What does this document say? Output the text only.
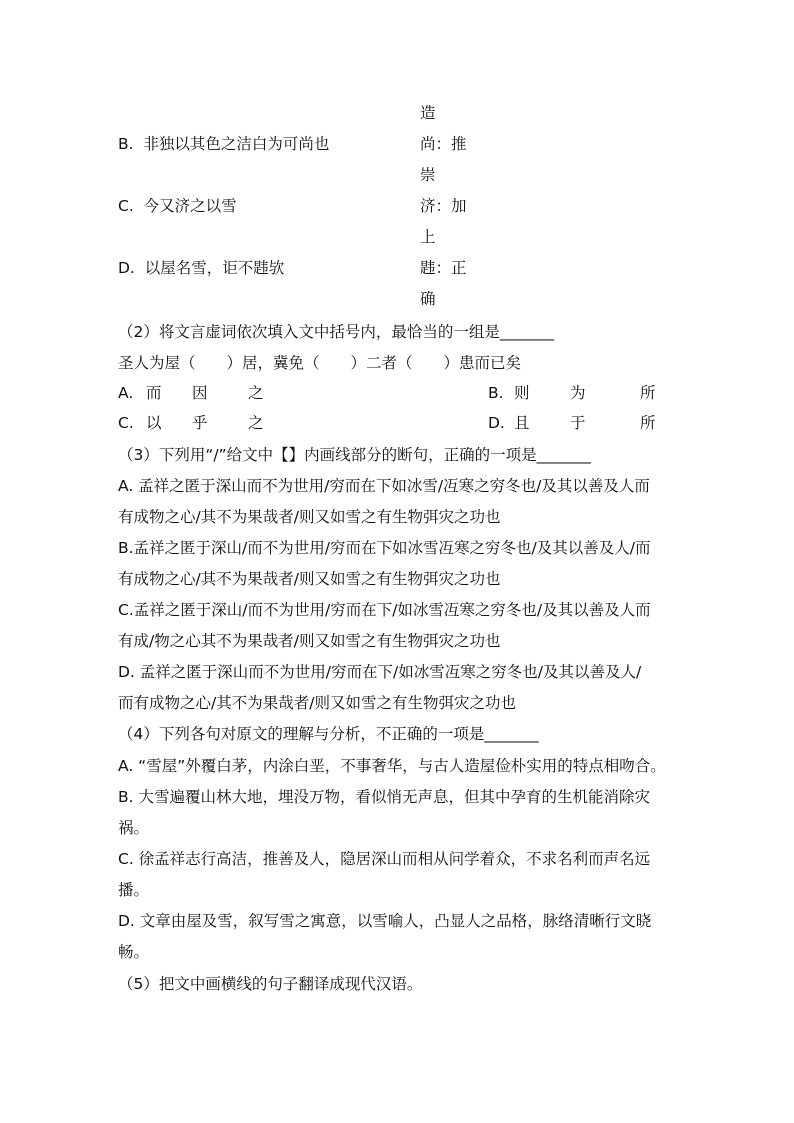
B. 非独以其色之洁白为可尚也
C. 今又济之以雪
D. 以屋名雪，讵不韪欤
造
尚：推
崇
济：加
上
韪：正
确
（2）将文言虚词依次填入文中括号内，最恰当的一组是_______
圣人为屋（　　）居，冀免（　　）二者（　　）患而已矣
A. 而 因	之	B. 则	为	所
C. 以 乎	之	D. 且	于	所
（3）下列用“/”给文中【】内画线部分的断句，正确的一项是_______
A. 孟祥之匿于深山而不为世用/穷而在下如冰雪/冱寒之穷冬也/及其以善及人而
有成物之心/其不为果哉者/则又如雪之有生物弭灾之功也
B.孟祥之匿于深山/而不为世用/穷而在下如冰雪冱寒之穷冬也/及其以善及人/而
有成物之心/其不为果哉者/则又如雪之有生物弭灾之功也
C.孟祥之匿于深山/而不为世用/穷而在下/如冰雪冱寒之穷冬也/及其以善及人而
有成/物之心其不为果哉者/则又如雪之有生物弭灾之功也
D. 孟祥之匿于深山而不为世用/穷而在下/如冰雪冱寒之穷冬也/及其以善及人/
而有成物之心/其不为果哉者/则又如雪之有生物弭灾之功也
（4）下列各句对原文的理解与分析，不正确的一项是_______
A. “雪屋”外覆白茅，内涂白垩，不事奢华，与古人造屋俭朴实用的特点相吻合。
B. 大雪遍覆山林大地，埋没万物，看似悄无声息，但其中孕育的生机能消除灾
祸。
C. 徐孟祥志行高洁，推善及人，隐居深山而相从问学着众，不求名利而声名远
播。
D. 文章由屋及雪，叙写雪之寓意，以雪喻人，凸显人之品格，脉络清晰行文晓
畅。
（5）把文中画横线的句子翻译成现代汉语。
